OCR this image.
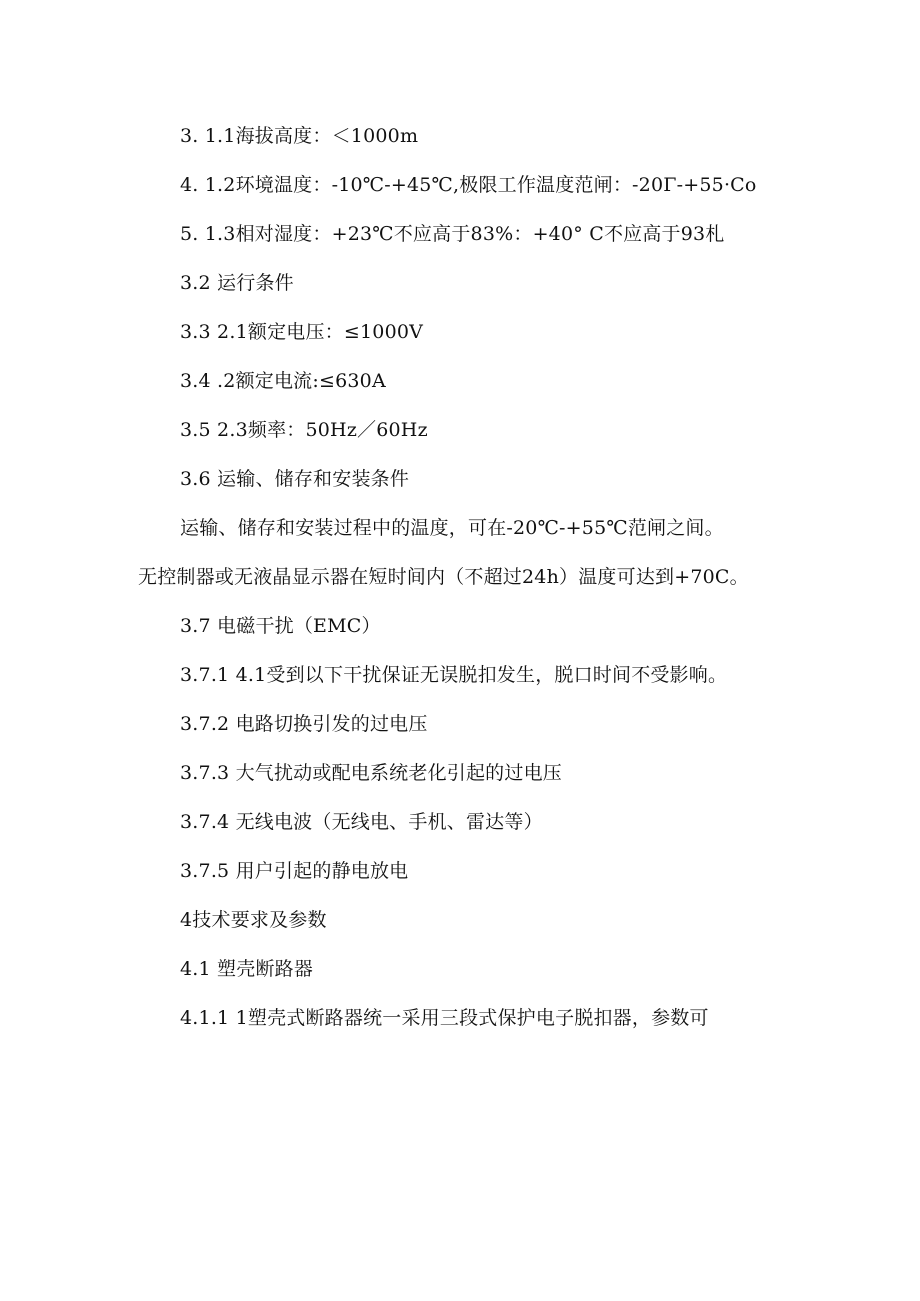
3. 1.1海拔高度：＜1000m
4. 1.2环境温度：-10℃-+45℃,极限工作温度范闸：-20Γ-+55·Co
5. 1.3相对湿度：+23℃不应高于83%：+40° C不应高于93札
3.2 运行条件
3.3 2.1额定电压：≤1000V
3.4 .2额定电流:≤630A
3.5 2.3频率：50Hz／60Hz
3.6 运输、储存和安装条件
运输、储存和安装过程中的温度，可在-20℃-+55℃范闸之间。
无控制器或无液晶显示器在短时间内（不超过24h）温度可达到+70C。
3.7 电磁干扰（EMC）
3.7.1 4.1受到以下干扰保证无误脱扣发生，脱口时间不受影响。
3.7.2 电路切换引发的过电压
3.7.3 大气扰动或配电系统老化引起的过电压
3.7.4 无线电波（无线电、手机、雷达等）
3.7.5 用户引起的静电放电
4技术要求及参数
4.1 塑壳断路器
4.1.1 1塑壳式断路器统一采用三段式保护电子脱扣器，参数可
